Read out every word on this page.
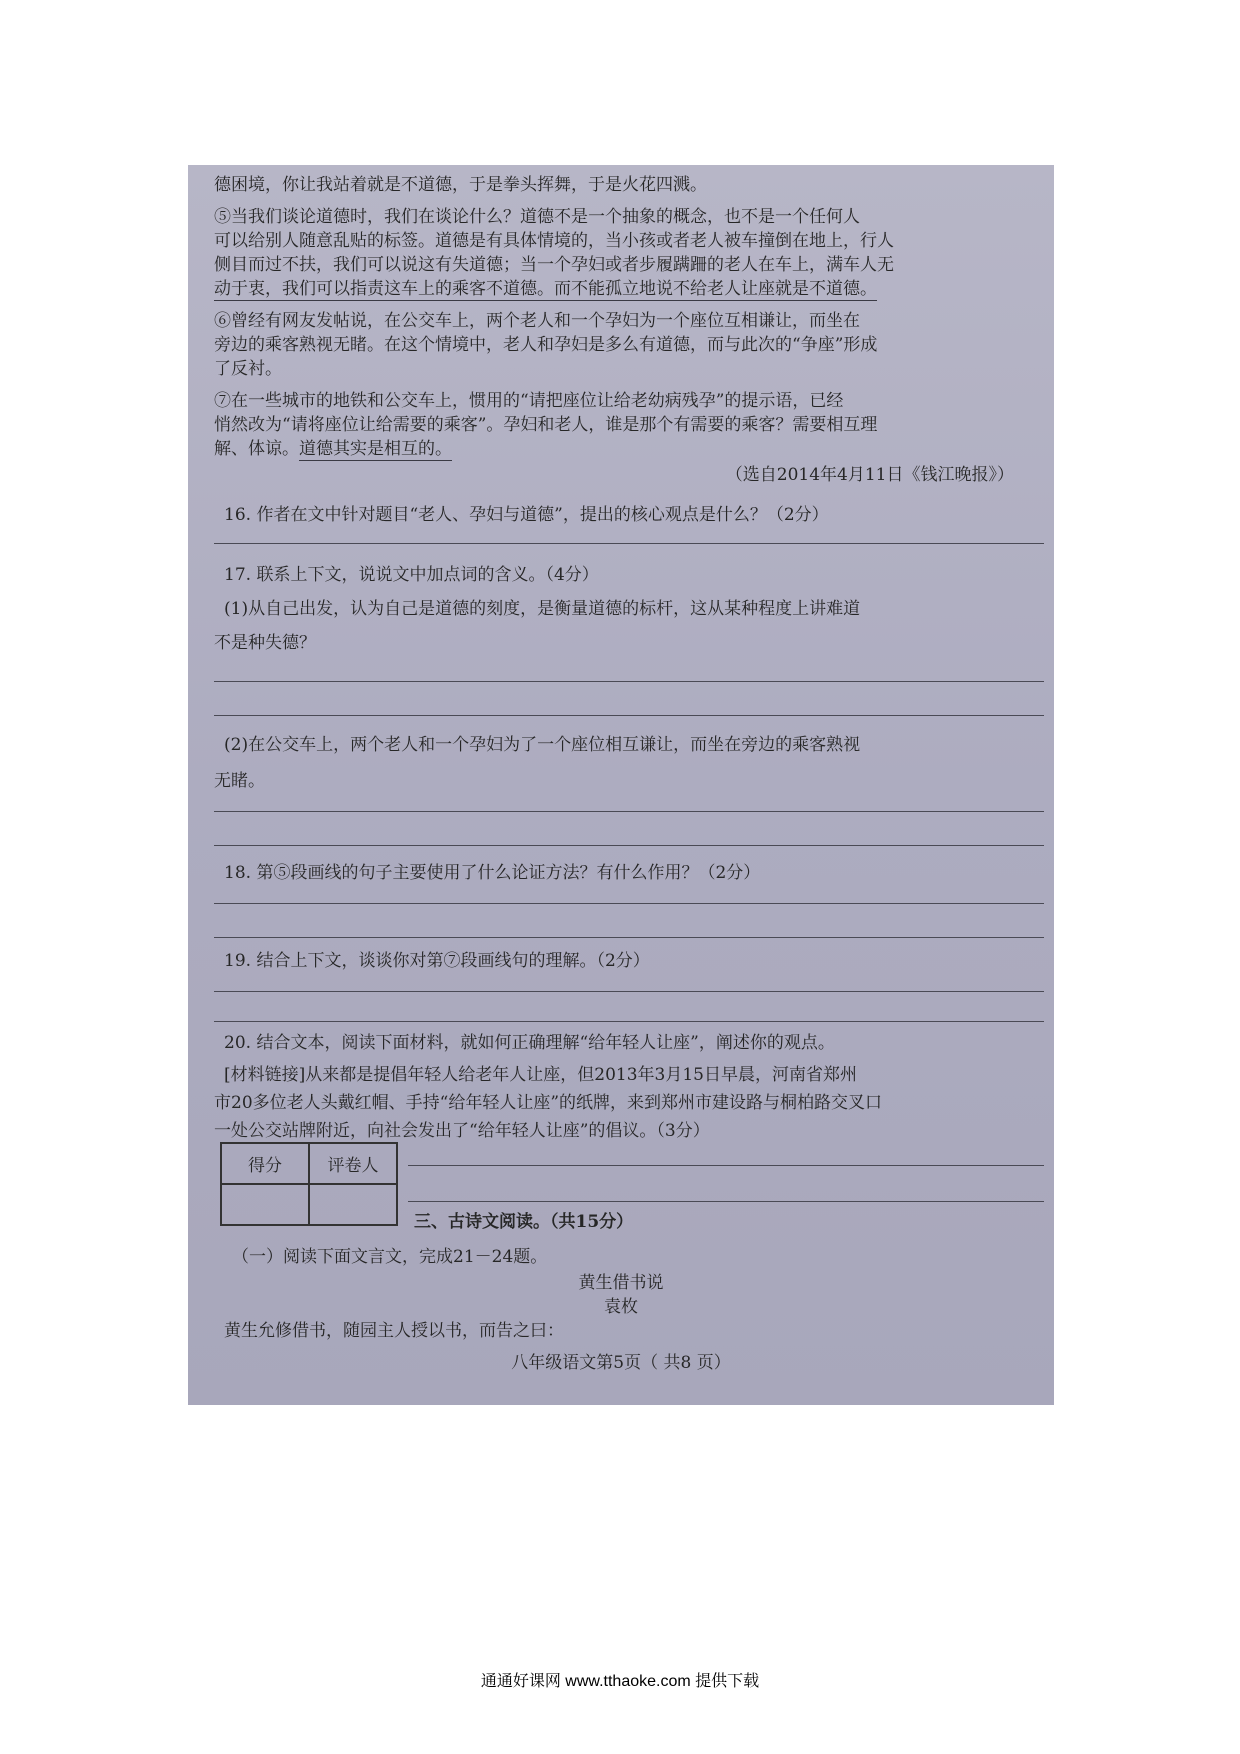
德困境，你让我站着就是不道德，于是拳头挥舞，于是火花四溅。
⑤当我们谈论道德时，我们在谈论什么？道德不是一个抽象的概念，也不是一个任何人
可以给别人随意乱贴的标签。道德是有具体情境的，当小孩或者老人被车撞倒在地上，行人
侧目而过不扶，我们可以说这有失道德；当一个孕妇或者步履蹒跚的老人在车上，满车人无
动于衷，我们可以指责这车上的乘客不道德。而不能孤立地说不给老人让座就是不道德。
⑥曾经有网友发帖说，在公交车上，两个老人和一个孕妇为一个座位互相谦让，而坐在
旁边的乘客熟视无睹。在这个情境中，老人和孕妇是多么有道德，而与此次的“争座”形成
了反衬。
⑦在一些城市的地铁和公交车上，惯用的“请把座位让给老幼病残孕”的提示语，已经
悄然改为“请将座位让给需要的乘客”。孕妇和老人，谁是那个有需要的乘客？需要相互理
解、体谅。道德其实是相互的。
（选自2014年4月11日《钱江晚报》）
16. 作者在文中针对题目“老人、孕妇与道德”，提出的核心观点是什么？（2分）
17. 联系上下文，说说文中加点词的含义。（4分）
(1)从自己出发，认为自己是道德的刻度，是衡量道德的标杆，这从某种程度上讲难道
不是种失德？
(2)在公交车上，两个老人和一个孕妇为了一个座位相互谦让，而坐在旁边的乘客熟视
无睹。
18. 第⑤段画线的句子主要使用了什么论证方法？有什么作用？（2分）
19. 结合上下文，谈谈你对第⑦段画线句的理解。（2分）
20. 结合文本，阅读下面材料，就如何正确理解“给年轻人让座”，阐述你的观点。
[材料链接]从来都是提倡年轻人给老年人让座，但2013年3月15日早晨，河南省郑州
市20多位老人头戴红帽、手持“给年轻人让座”的纸牌，来到郑州市建设路与桐柏路交叉口
一处公交站牌附近，向社会发出了“给年轻人让座”的倡议。（3分）
得分	评卷人

三、古诗文阅读。（共15分）
（一）阅读下面文言文，完成21－24题。
黄生借书说
袁枚
黄生允修借书，随园主人授以书，而告之曰：
八年级语文第5页（ 共8 页）
通通好课网 www.tthaoke.com 提供下载
